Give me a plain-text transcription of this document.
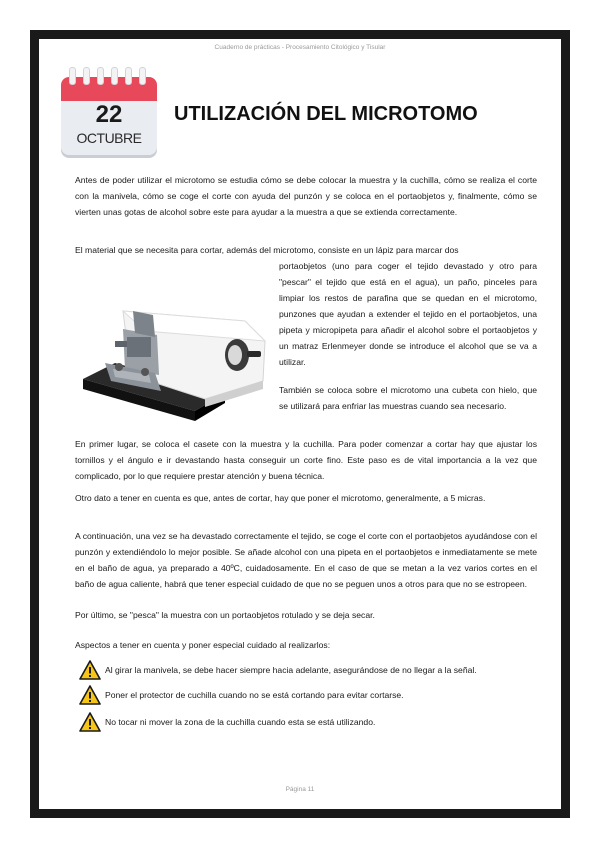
Cuaderno de prácticas - Procesamiento Citológico y Tisular
22
OCTUBRE
UTILIZACIÓN DEL MICROTOMO
Antes de poder utilizar el microtomo se estudia cómo se debe colocar la muestra y la cuchilla, cómo se realiza el corte con la manivela, cómo se coge el corte con ayuda del punzón y se coloca en el portaobjetos y, finalmente, cómo se vierten unas gotas de alcohol sobre este para ayudar a la muestra a que se extienda correctamente.
El material que se necesita para cortar, además del microtomo, consiste en un lápiz para marcar dos
portaobjetos (uno para coger el tejido devastado y otro para "pescar" el tejido que está en el agua), un paño, pinceles para limpiar los restos de parafina que se quedan en el microtomo, punzones que ayudan a extender el tejido en el portaobjetos, una pipeta y micropipeta para añadir el alcohol sobre el portaobjetos y un matraz Erlenmeyer donde se introduce el alcohol que se va a utilizar.
También se coloca sobre el microtomo una cubeta con hielo, que se utilizará para enfriar las muestras cuando sea necesario.
En primer lugar, se coloca el casete con la muestra y la cuchilla. Para poder comenzar a cortar hay que ajustar los tornillos y el ángulo e ir devastando hasta conseguir un corte fino. Este paso es de vital importancia a la vez que complicado, por lo que requiere prestar atención y buena técnica.
Otro dato a tener en cuenta es que, antes de cortar, hay que poner el microtomo, generalmente, a 5 micras.
A continuación, una vez se ha devastado correctamente el tejido, se coge el corte con el portaobjetos ayudándose con el punzón y extendiéndolo lo mejor posible. Se añade alcohol con una pipeta en el portaobjetos e inmediatamente se mete en el baño de agua, ya preparado a 40ºC, cuidadosamente. En el caso de que se metan a la vez varios cortes en el baño de agua caliente, habrá que tener especial cuidado de que no se peguen unos a otros para que no se estropeen.
Por último, se "pesca" la muestra con un portaobjetos rotulado y se deja secar.
Aspectos a tener en cuenta y poner especial cuidado al realizarlos:
Al girar la manivela, se debe hacer siempre hacia adelante, asegurándose de no llegar a la señal.
Poner el protector de cuchilla cuando no se está cortando para evitar cortarse.
No tocar ni mover la zona de la cuchilla cuando esta se está utilizando.
Página 11
